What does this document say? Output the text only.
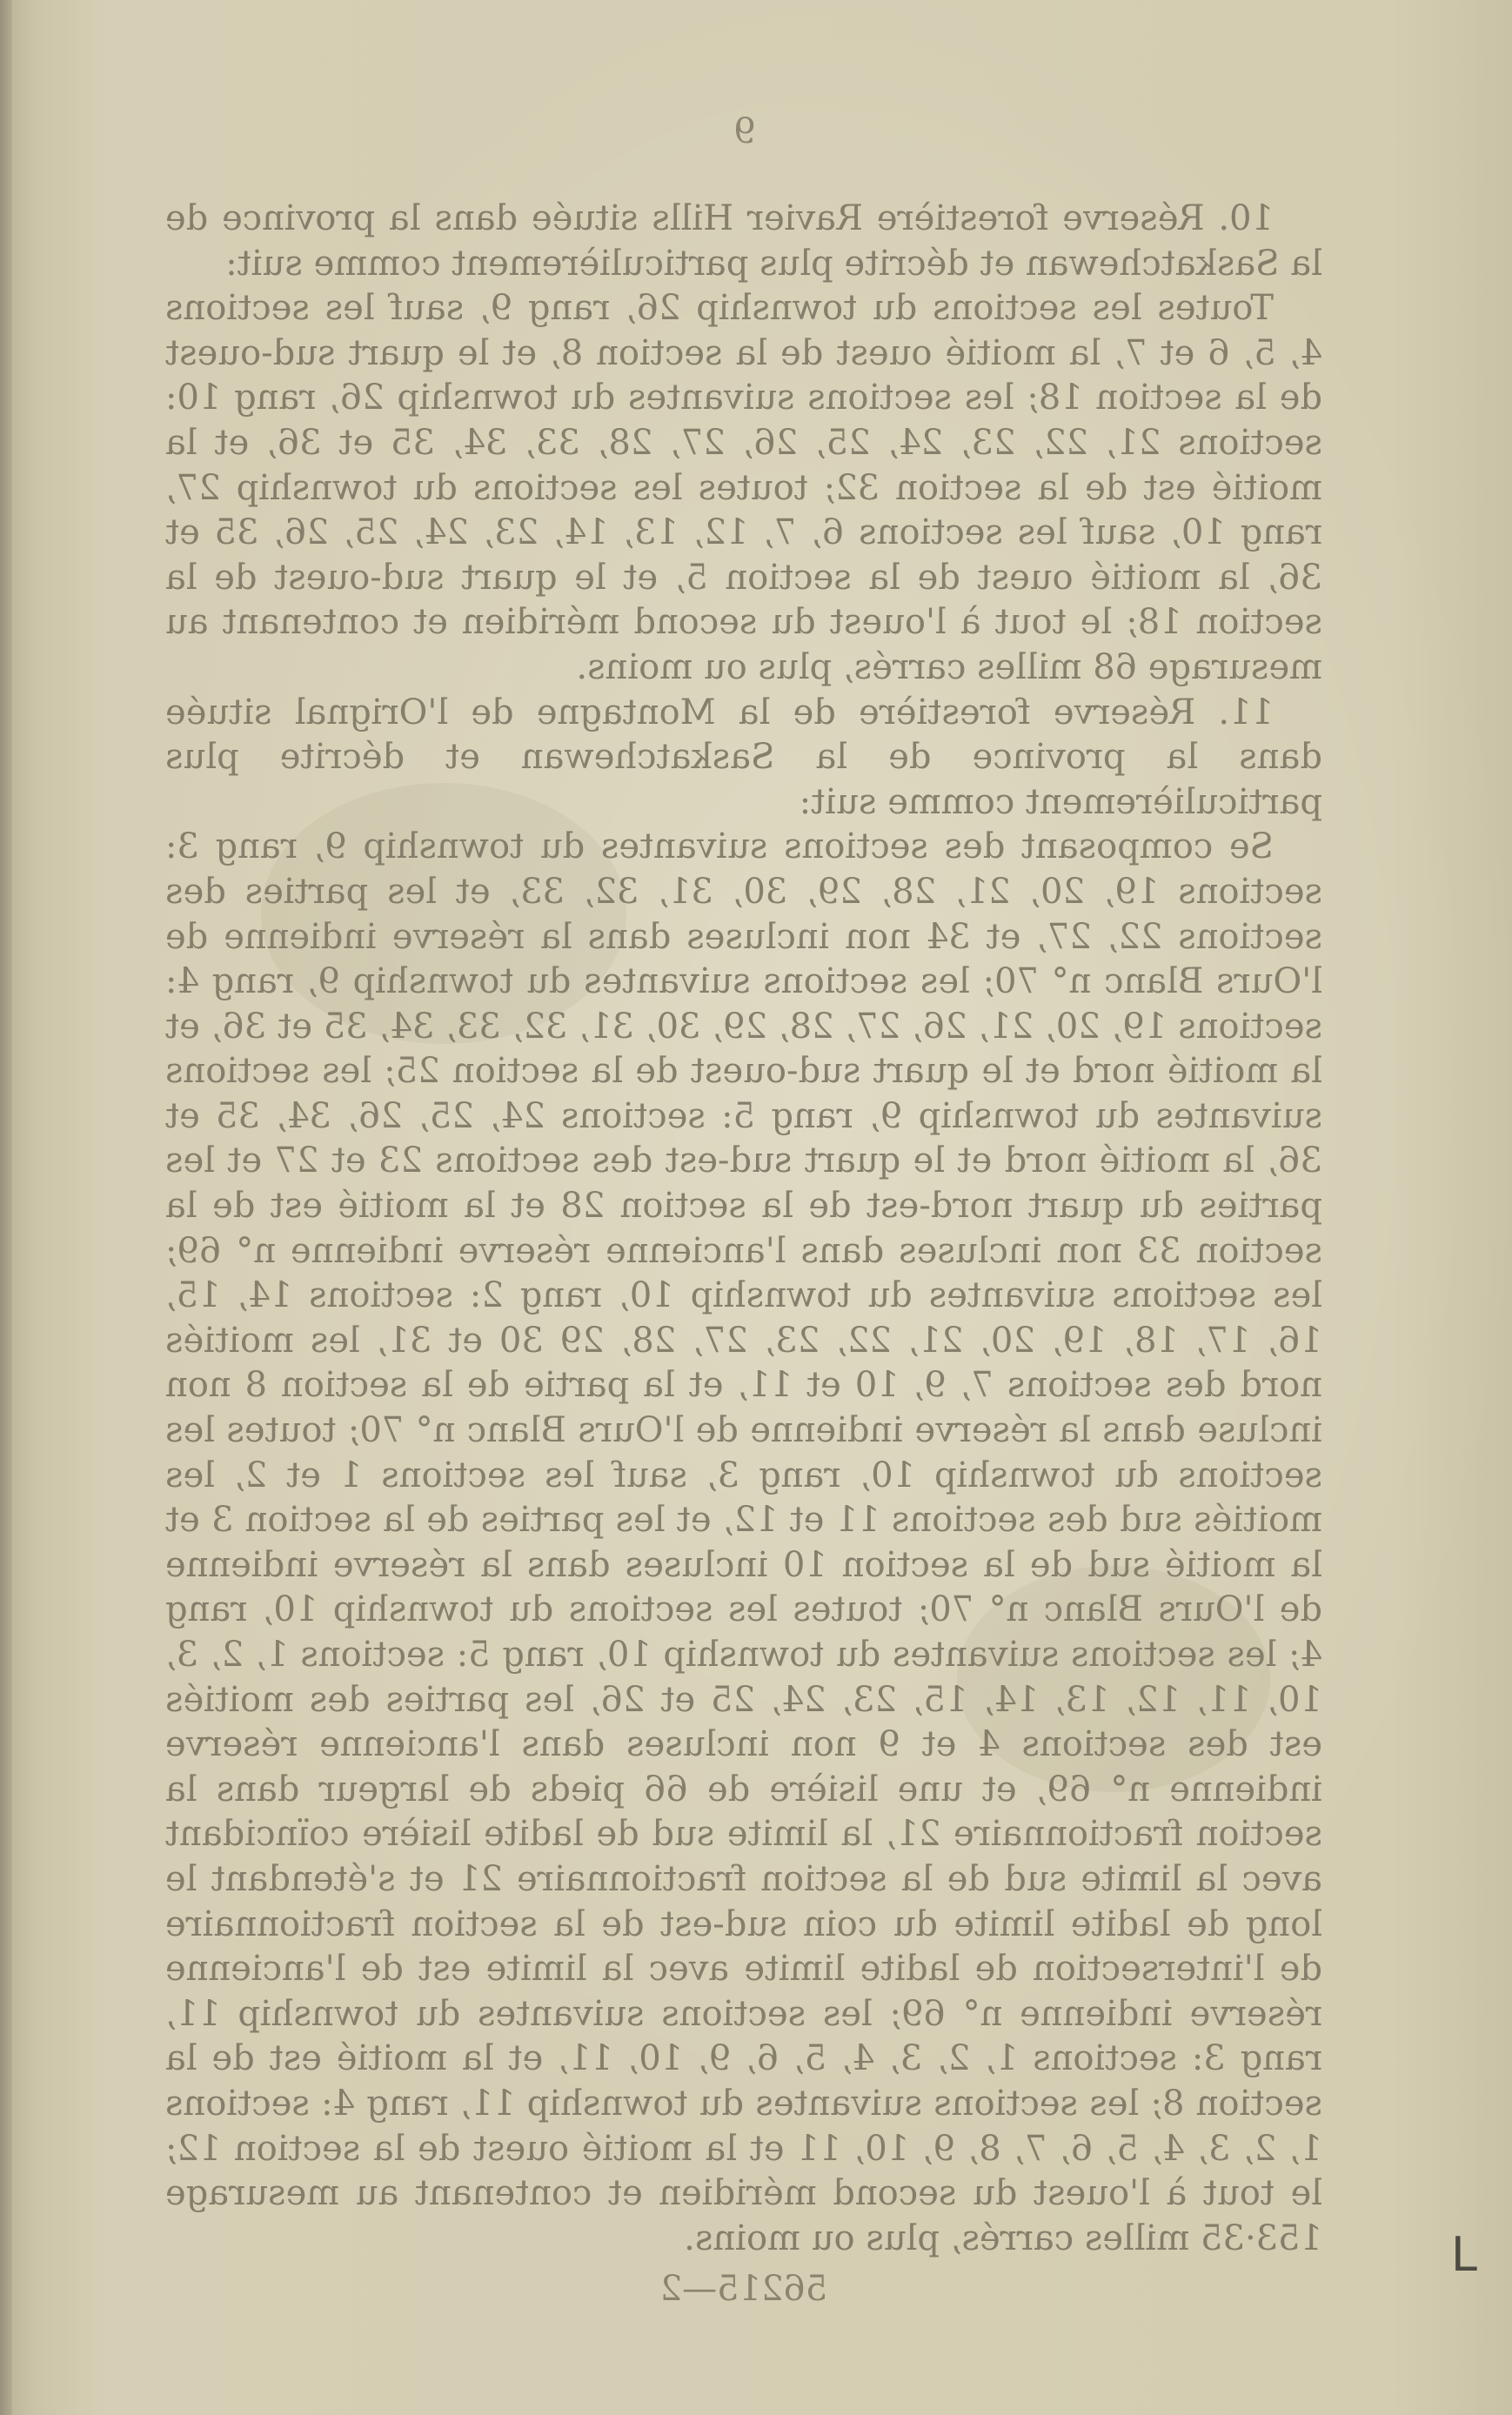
9

10. Réserve forestière Ravier Hills située dans la province de la Saskatchewan et décrite plus particulièrement comme suit:

Toutes les sections du township 26, rang 9, sauf les sections 4, 5, 6 et 7, la moitié ouest de la section 8, et le quart sud-ouest de la section 18; les sections suivantes du township 26, rang 10: sections 21, 22, 23, 24, 25, 26, 27, 28, 33, 34, 35 et 36, et la moitié est de la section 32; toutes les sections du township 27, rang 10, sauf les sections 6, 7, 12, 13, 14, 23, 24, 25, 26, 35 et 36, la moitié ouest de la section 5, et le quart sud-ouest de la section 18; le tout à l'ouest du second méridien et contenant au mesurage 68 milles carrés, plus ou moins.

11. Réserve forestière de la Montagne de l'Orignal située dans la province de la Saskatchewan et décrite plus particulièrement comme suit:

Se composant des sections suivantes du township 9, rang 3: sections 19, 20, 21, 28, 29, 30, 31, 32, 33, et les parties des sections 22, 27, et 34 non incluses dans la réserve indienne de l'Ours Blanc n° 70; les sections suivantes du township 9, rang 4: sections 19, 20, 21, 26, 27, 28, 29, 30, 31, 32, 33, 34, 35 et 36, et la moitié nord et le quart sud-ouest de la section 25; les sections suivantes du township 9, rang 5: sections 24, 25, 26, 34, 35 et 36, la moitié nord et le quart sud-est des sections 23 et 27 et les parties du quart nord-est de la section 28 et la moitié est de la section 33 non incluses dans l'ancienne réserve indienne n° 69; les sections suivantes du township 10, rang 2: sections 14, 15, 16, 17, 18, 19, 20, 21, 22, 23, 27, 28, 29 30 et 31, les moitiés nord des sections 7, 9, 10 et 11, et la partie de la section 8 non incluse dans la réserve indienne de l'Ours Blanc n° 70; toutes les sections du township 10, rang 3, sauf les sections 1 et 2, les moitiés sud des sections 11 et 12, et les parties de la section 3 et la moitié sud de la section 10 incluses dans la réserve indienne de l'Ours Blanc n° 70; toutes les sections du township 10, rang 4; les sections suivantes du township 10, rang 5: sections 1, 2, 3, 10, 11, 12, 13, 14, 15, 23, 24, 25 et 26, les parties des moitiés est des sections 4 et 9 non incluses dans l'ancienne réserve indienne n° 69, et une lisière de 66 pieds de largeur dans la section fractionnaire 21, la limite sud de ladite lisière coïncidant avec la limite sud de la section fractionnaire 21 et s'étendant le long de ladite limite du coin sud-est de la section fractionnaire de l'intersection de ladite limite avec la limite est de l'ancienne réserve indienne n° 69; les sections suivantes du township 11, rang 3: sections 1, 2, 3, 4, 5, 6, 9, 10, 11, et la moitié est de la section 8; les sections suivantes du township 11, rang 4: sections 1, 2, 3, 4, 5, 6, 7, 8, 9, 10, 11 et la moitié ouest de la section 12; le tout à l'ouest du second méridien et contenant au mesurage 153·35 milles carrés, plus ou moins.

56215—2
L
